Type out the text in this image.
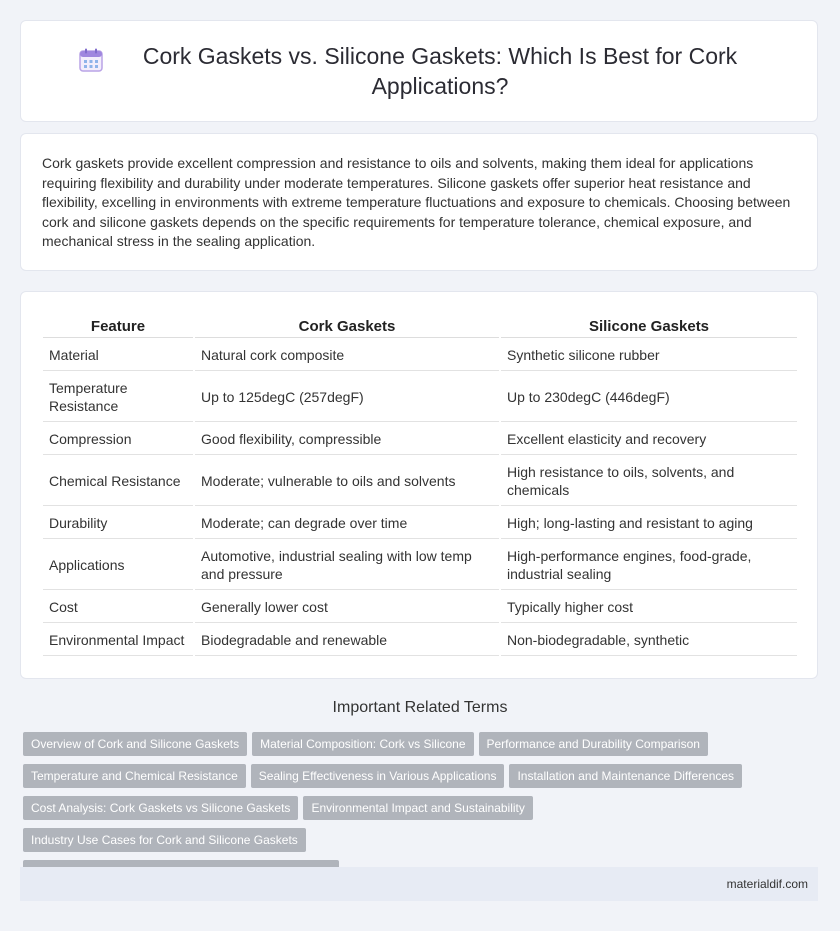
Cork Gaskets vs. Silicone Gaskets: Which Is Best for Cork Applications?

Cork gaskets provide excellent compression and resistance to oils and solvents, making them ideal for applications requiring flexibility and durability under moderate temperatures. Silicone gaskets offer superior heat resistance and flexibility, excelling in environments with extreme temperature fluctuations and exposure to chemicals. Choosing between cork and silicone gaskets depends on the specific requirements for temperature tolerance, chemical exposure, and mechanical stress in the sealing application.

Feature	Cork Gaskets	Silicone Gaskets
Material	Natural cork composite	Synthetic silicone rubber
Temperature Resistance	Up to 125degC (257degF)	Up to 230degC (446degF)
Compression	Good flexibility, compressible	Excellent elasticity and recovery
Chemical Resistance	Moderate; vulnerable to oils and solvents	High resistance to oils, solvents, and chemicals
Durability	Moderate; can degrade over time	High; long-lasting and resistant to aging
Applications	Automotive, industrial sealing with low temp and pressure	High-performance engines, food-grade, industrial sealing
Cost	Generally lower cost	Typically higher cost
Environmental Impact	Biodegradable and renewable	Non-biodegradable, synthetic
Important Related Terms
Overview of Cork and Silicone Gaskets Material Composition: Cork vs Silicone Performance and Durability Comparison
Temperature and Chemical Resistance Sealing Effectiveness in Various Applications Installation and Maintenance Differences
Cost Analysis: Cork Gaskets vs Silicone Gaskets Environmental Impact and SustainabilityIndustry Use Cases for Cork and Silicone Gaskets

materialdif.com
